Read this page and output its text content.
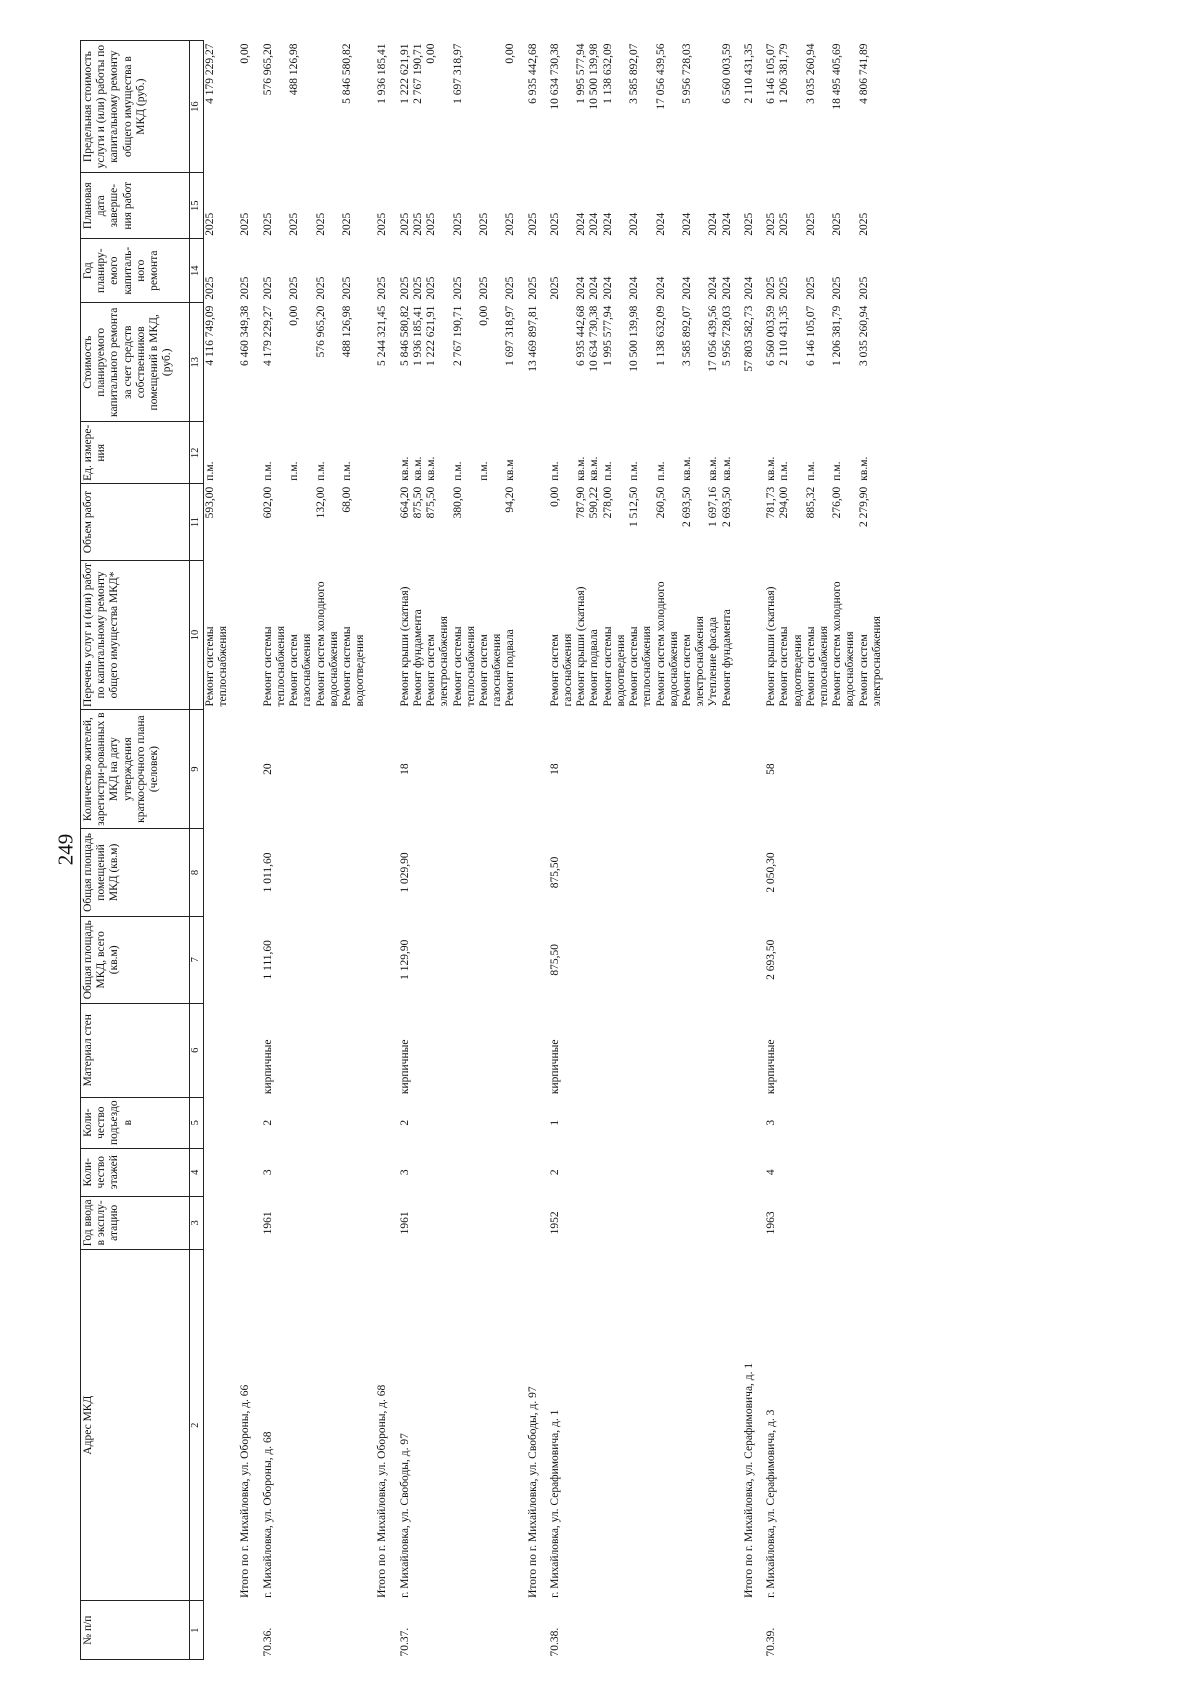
249
№ п/п	Адрес МКД	Год ввода в эксплу-атацию	Коли-чество этажей	Коли-чество подъездо в	Материал стен	Общая площадь МКД, всего (кв.м)	Общая площадь помещений МКД (кв.м)	Количество жителей, зарегистри-рованных в МКД на дату утверждения краткосрочного плана (человек)	Перечень услуг и (или) работ по капитальному ремонту общего имущества МКД*	Объем работ	Ед. измере-ния	Стоимость планируемого капитального ремонта за счет средств собственников помещений в МКД, (руб.)	Год планиру-емого капиталь-ного ремонта	Плановая дата заверше-ния работ	Предельная стоимость услуги и (или) работы по капитальному ремонту общего имущества в МКД (руб.)
1	2	3	4	5	6	7	8	9	10	11	12	13	14	15	16
									Ремонт системы теплоснабжения	593,00	п.м.	4 116 749,09	2025	2025	4 179 229,27
	Итого по г. Михайловка, ул. Обороны, д. 66											6 460 349,38	2025	2025	0,00
70.36.	г. Михайловка, ул. Обороны, д. 68	1961	3	2	кирпичные	1 111,60	1 011,60	20	Ремонт системы теплоснабжения	602,00	п.м.	4 179 229,27	2025	2025	576 965,20
									Ремонт систем газоснабжения		п.м.	0,00	2025	2025	488 126,98
									Ремонт систем холодного водоснабжения	132,00	п.м.	576 965,20	2025	2025	
									Ремонт системы водоотведения	68,00	п.м.	488 126,98	2025	2025	5 846 580,82
	Итого по г. Михайловка, ул. Обороны, д. 68											5 244 321,45	2025	2025	1 936 185,41
70.37.	г. Михайловка, ул. Свободы, д. 97	1961	3	2	кирпичные	1 129,90	1 029,90	18	Ремонт крыши (скатная)	664,20	кв.м.	5 846 580,82	2025	2025	1 222 621,91
									Ремонт фундамента	875,50	кв.м.	1 936 185,41	2025	2025	2 767 190,71
									Ремонт систем электроснабжения	875,50	кв.м.	1 222 621,91	2025	2025	0,00
									Ремонт системы теплоснабжения	380,00	п.м.	2 767 190,71	2025	2025	1 697 318,97
									Ремонт систем газоснабжения		п.м.	0,00	2025	2025	
									Ремонт подвала	94,20	кв.м	1 697 318,97	2025	2025	0,00
	Итого по г. Михайловка, ул. Свободы, д. 97											13 469 897,81	2025	2025	6 935 442,68
70.38.	г. Михайловка, ул. Серафимовича, д. 1	1952	2	1	кирпичные	875,50	875,50	18	Ремонт систем газоснабжения	0,00	п.м.		2025	2025	10 634 730,38
									Ремонт крыши (скатная)	787,90	кв.м.	6 935 442,68	2024	2024	1 995 577,94
									Ремонт подвала	590,22	кв.м.	10 634 730,38	2024	2024	10 500 139,98
									Ремонт системы водоотведения	278,00	п.м.	1 995 577,94	2024	2024	1 138 632,09
									Ремонт системы теплоснабжения	1 512,50	п.м.	10 500 139,98	2024	2024	3 585 892,07
									Ремонт систем холодного водоснабжения	260,50	п.м.	1 138 632,09	2024	2024	17 056 439,56
									Ремонт систем электроснабжения	2 693,50	кв.м.	3 585 892,07	2024	2024	5 956 728,03
									Утепление фасада	1 697,16	кв.м.	17 056 439,56	2024	2024	
									Ремонт фундамента	2 693,50	кв.м.	5 956 728,03	2024	2024	6 560 003,59
	Итого по г. Михайловка, ул. Серафимовича, д. 1											57 803 582,73	2024	2025	2 110 431,35
70.39.	г. Михайловка, ул. Серафимовича, д. 3	1963	4	3	кирпичные	2 693,50	2 050,30	58	Ремонт крыши (скатная)	781,73	кв.м.	6 560 003,59	2025	2025	6 146 105,07
									Ремонт системы водоотведения	294,00	п.м.	2 110 431,35	2025	2025	1 206 381,79
									Ремонт системы теплоснабжения	885,32	п.м.	6 146 105,07	2025	2025	3 035 260,94
									Ремонт систем холодного водоснабжения	276,00	п.м.	1 206 381,79	2025	2025	18 495 405,69
									Ремонт систем электроснабжения	2 279,90	кв.м.	3 035 260,94	2025	2025	4 806 741,89
